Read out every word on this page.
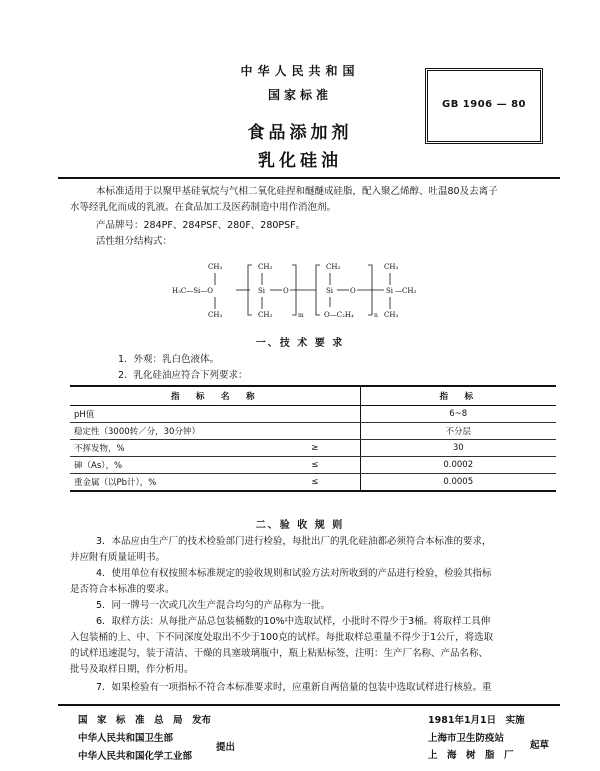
中华人民共和国
国家标准
食品添加剂
乳化硅油
GB 1906 — 80
本标准适用于以聚甲基硅氧烷与气相二氧化硅捏和醚醚成硅脂，配入聚乙烯醇、吐温80及去离子
水等经乳化而成的乳液。在食品加工及医药制造中用作消泡剂。
产品牌号：284PF、284PSF、280F、280PSF。
活性组分结构式：
CH₃
H₃C—Si—O
CH₃
CH₃
Si
CH₃
O
m
CH₃
Si
O—C₂H₄
O
n
CH₃
Si
CH₃
—CH₃
一、技 术 要 求
1．外观：乳白色液体。
2．乳化硅油应符合下列要求：
指　标　名　称		指　标
pH值		6~8
稳定性（3000转／分，30分钟）		不分层
不挥发物，%	≥	30
砷（As），%	≤	0.0002
重金属（以Pb计），%	≤	0.0005
二、验 收 规 则
3．本品应由生产厂的技术检验部门进行检验，每批出厂的乳化硅油都必须符合本标准的要求，
并应附有质量证明书。
4．使用单位有权按照本标准规定的验收规则和试验方法对所收到的产品进行检验，检验其指标
是否符合本标准的要求。
5．同一牌号一次或几次生产混合均匀的产品称为一批。
6．取样方法：从每批产品总包装桶数的10%中选取试样，小批时不得少于3桶。将取样工具伸
入包装桶的上、中、下不同深度处取出不少于100克的试样。每批取样总重量不得少于1公斤，将选取
的试样迅速混匀，装于清洁、干燥的具塞玻璃瓶中，瓶上粘贴标签，注明：生产厂名称、产品名称、
批号及取样日期，作分析用。
7．如果检验有一项指标不符合本标准要求时，应重新自两倍量的包装中选取试样进行核验。重
国　家　标　准　总　局　发布
中华人民共和国卫生部
中华人民共和国化学工业部
提出
1981年1月1日　实施
上海市卫生防疫站
上　海　树　脂　厂
起草
